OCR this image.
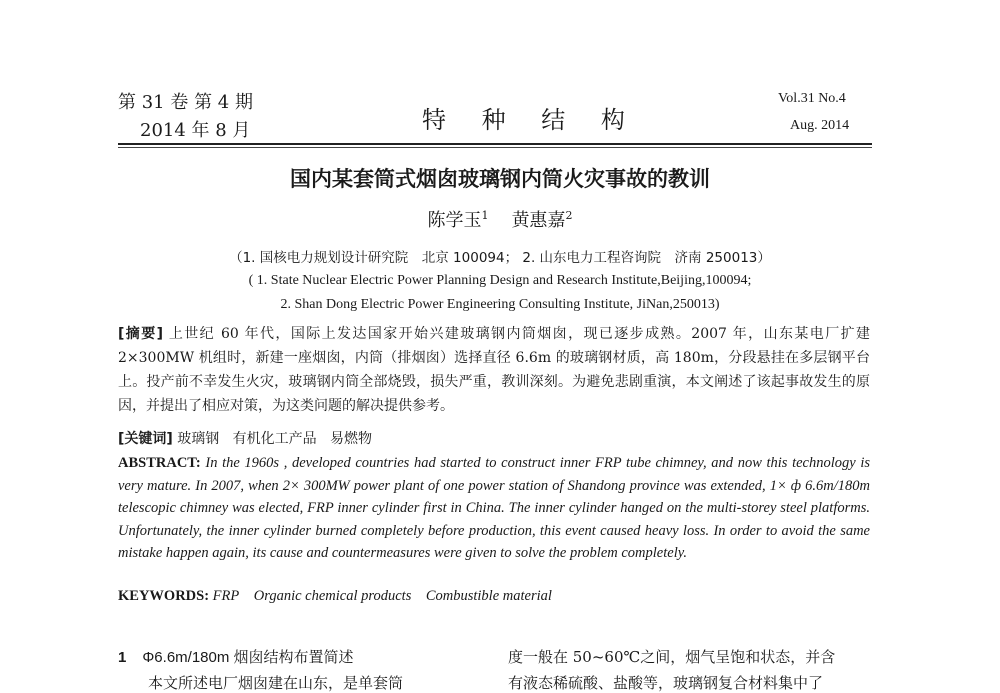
第 31 卷 第 4 期
2014 年 8 月	特 种 结 构
Vol.31 No.4
Aug. 2014
国内某套筒式烟囱玻璃钢内筒火灾事故的教训
陈学玉$^1$ 黄惠嘉$^2$
（1. 国核电力规划设计研究院　北京 100094； 2. 山东电力工程咨询院　济南 250013）
( 1. State Nuclear Electric Power Planning Design and Research Institute,Beijing,100094;
2. Shan Dong Electric Power Engineering Consulting Institute, JiNan,250013)
[摘要] 上世纪 60 年代，国际上发达国家开始兴建玻璃钢内筒烟囱，现已逐步成熟。2007 年，山东某电厂扩建 2×300MW 机组时，新建一座烟囱，内筒（排烟囱）选择直径 6.6m 的玻璃钢材质，高 180m，分段悬挂在多层钢平台上。投产前不幸发生火灾，玻璃钢内筒全部烧毁，损失严重，教训深刻。为避免悲剧重演，本文阐述了该起事故发生的原因，并提出了相应对策，为这类问题的解决提供参考。
[关键词] 玻璃钢 有机化工产品 易燃物
ABSTRACT: In the 1960s , developed countries had started to construct inner FRP tube chimney, and now this technology is very mature. In 2007, when 2× 300MW power plant of one power station of Shandong province was extended, 1× ф 6.6m/180m telescopic chimney was elected, FRP inner cylinder first in China. The inner cylinder hanged on the multi-storey steel platforms. Unfortunately, the inner cylinder burned completely before production, this event caused heavy loss. In order to avoid the same mistake happen again, its cause and countermeasures were given to solve the problem completely.
KEYWORDS: FRP Organic chemical products Combustible material
1 Φ6.6m/180m 烟囱结构布置简述	度一般在 50~60℃之间，烟气呈饱和状态，并含
本文所述电厂烟囱建在山东，是单套筒	有液态稀硫酸、盐酸等，玻璃钢复合材料集中了
